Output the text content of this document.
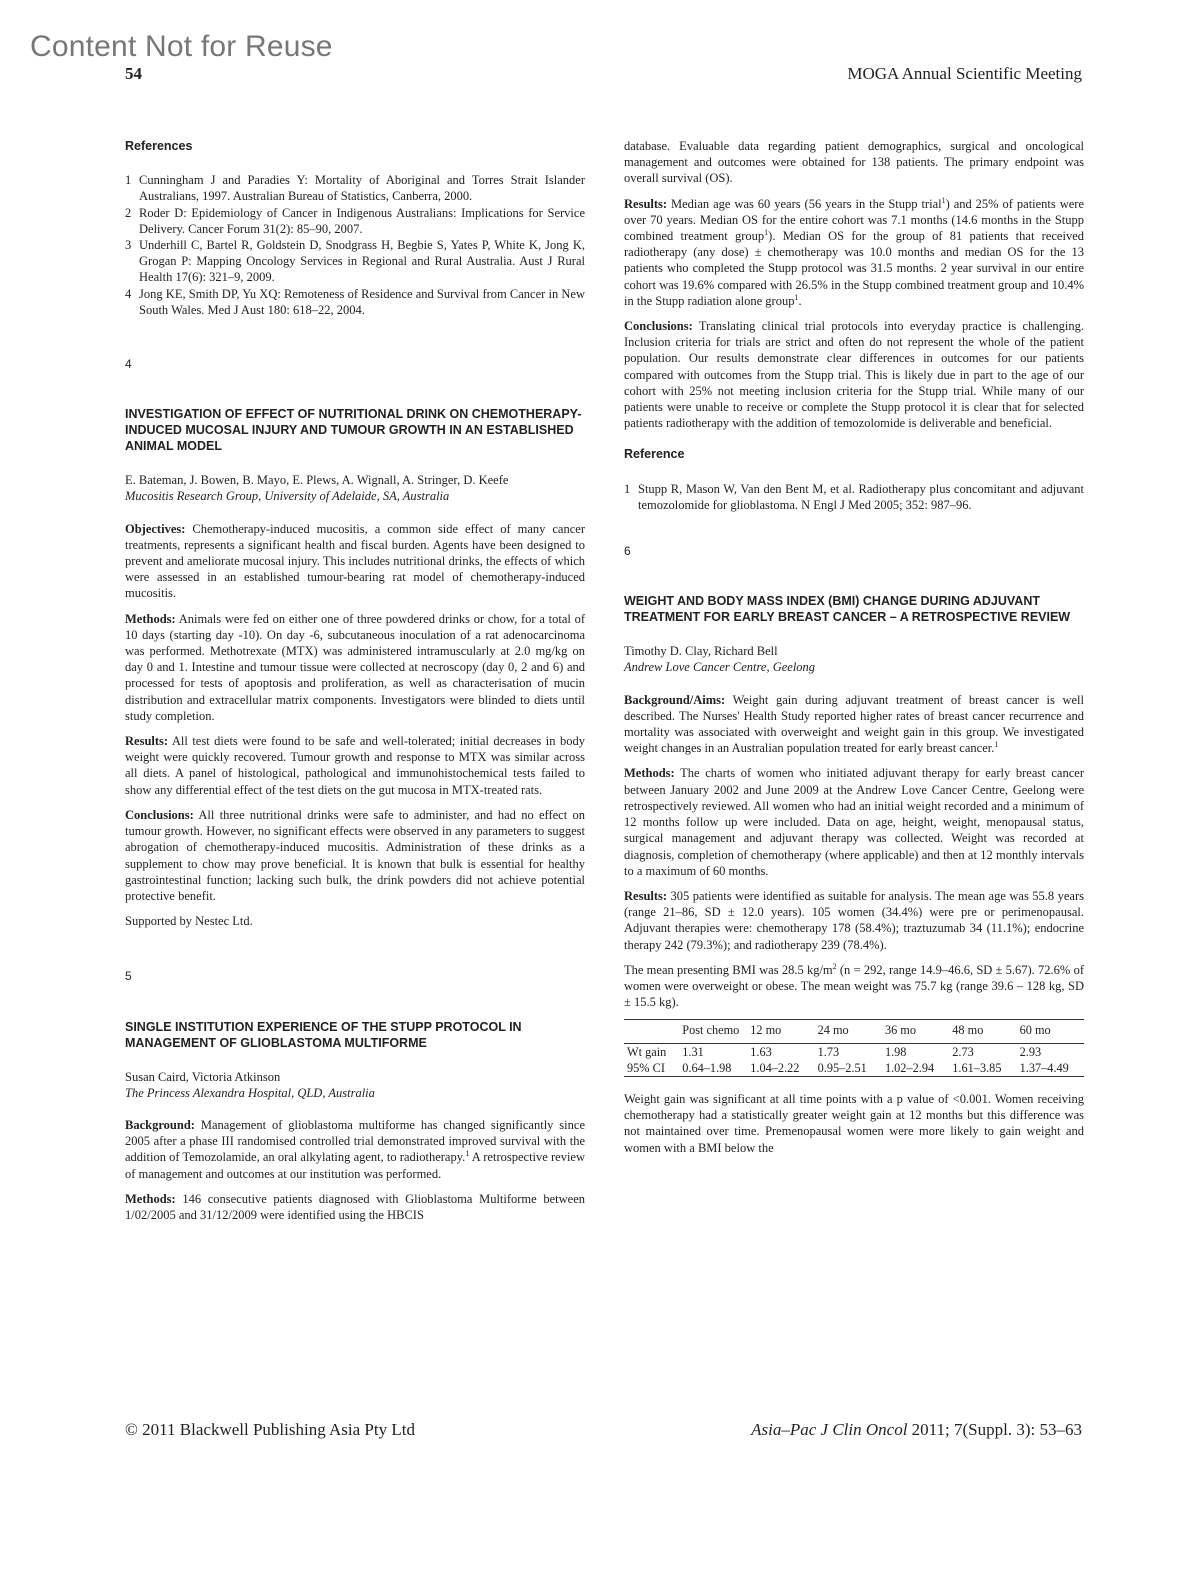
Content Not for Reuse
54	MOGA Annual Scientific Meeting

References

1 Cunningham J and Paradies Y: Mortality of Aboriginal and Torres Strait Islander Australians, 1997. Australian Bureau of Statistics, Canberra, 2000.
2 Roder D: Epidemiology of Cancer in Indigenous Australians: Implications for Service Delivery. Cancer Forum 31(2): 85–90, 2007.
3 Underhill C, Bartel R, Goldstein D, Snodgrass H, Begbie S, Yates P, White K, Jong K, Grogan P: Mapping Oncology Services in Regional and Rural Australia. Aust J Rural Health 17(6): 321–9, 2009.
4 Jong KE, Smith DP, Yu XQ: Remoteness of Residence and Survival from Cancer in New South Wales. Med J Aust 180: 618–22, 2004.

4

INVESTIGATION OF EFFECT OF NUTRITIONAL DRINK ON CHEMOTHERAPY-INDUCED MUCOSAL INJURY AND TUMOUR GROWTH IN AN ESTABLISHED ANIMAL MODEL

E. Bateman, J. Bowen, B. Mayo, E. Plews, A. Wignall, A. Stringer, D. Keefe

Mucositis Research Group, University of Adelaide, SA, Australia

Objectives: Chemotherapy-induced mucositis, a common side effect of many cancer treatments, represents a significant health and fiscal burden. Agents have been designed to prevent and ameliorate mucosal injury. This includes nutritional drinks, the effects of which were assessed in an established tumour-bearing rat model of chemotherapy-induced mucositis.

Methods: Animals were fed on either one of three powdered drinks or chow, for a total of 10 days (starting day -10). On day -6, subcutaneous inoculation of a rat adenocarcinoma was performed. Methotrexate (MTX) was administered intramuscularly at 2.0 mg/kg on day 0 and 1. Intestine and tumour tissue were collected at necroscopy (day 0, 2 and 6) and processed for tests of apoptosis and proliferation, as well as characterisation of mucin distribution and extracellular matrix components. Investigators were blinded to diets until study completion.

Results: All test diets were found to be safe and well-tolerated; initial decreases in body weight were quickly recovered. Tumour growth and response to MTX was similar across all diets. A panel of histological, pathological and immunohistochemical tests failed to show any differential effect of the test diets on the gut mucosa in MTX-treated rats.

Conclusions: All three nutritional drinks were safe to administer, and had no effect on tumour growth. However, no significant effects were observed in any parameters to suggest abrogation of chemotherapy-induced mucositis. Administration of these drinks as a supplement to chow may prove beneficial. It is known that bulk is essential for healthy gastrointestinal function; lacking such bulk, the drink powders did not achieve potential protective benefit.

Supported by Nestec Ltd.

5

SINGLE INSTITUTION EXPERIENCE OF THE STUPP PROTOCOL IN MANAGEMENT OF GLIOBLASTOMA MULTIFORME

Susan Caird, Victoria Atkinson

The Princess Alexandra Hospital, QLD, Australia

Background: Management of glioblastoma multiforme has changed significantly since 2005 after a phase III randomised controlled trial demonstrated improved survival with the addition of Temozolamide, an oral alkylating agent, to radiotherapy.$^1$ A retrospective review of management and outcomes at our institution was performed.

Methods: 146 consecutive patients diagnosed with Glioblastoma Multiforme between 1/02/2005 and 31/12/2009 were identified using the HBCIS

database. Evaluable data regarding patient demographics, surgical and oncological management and outcomes were obtained for 138 patients. The primary endpoint was overall survival (OS).

Results: Median age was 60 years (56 years in the Stupp trial$^1$) and 25% of patients were over 70 years. Median OS for the entire cohort was 7.1 months (14.6 months in the Stupp combined treatment group$^1$). Median OS for the group of 81 patients that received radiotherapy (any dose) ± chemotherapy was 10.0 months and median OS for the 13 patients who completed the Stupp protocol was 31.5 months. 2 year survival in our entire cohort was 19.6% compared with 26.5% in the Stupp combined treatment group and 10.4% in the Stupp radiation alone group$^1$.

Conclusions: Translating clinical trial protocols into everyday practice is challenging. Inclusion criteria for trials are strict and often do not represent the whole of the patient population. Our results demonstrate clear differences in outcomes for our patients compared with outcomes from the Stupp trial. This is likely due in part to the age of our cohort with 25% not meeting inclusion criteria for the Stupp trial. While many of our patients were unable to receive or complete the Stupp protocol it is clear that for selected patients radiotherapy with the addition of temozolomide is deliverable and beneficial.

Reference

1 Stupp R, Mason W, Van den Bent M, et al. Radiotherapy plus concomitant and adjuvant temozolomide for glioblastoma. N Engl J Med 2005; 352: 987–96.

6

WEIGHT AND BODY MASS INDEX (BMI) CHANGE DURING ADJUVANT TREATMENT FOR EARLY BREAST CANCER – A RETROSPECTIVE REVIEW

Timothy D. Clay, Richard Bell

Andrew Love Cancer Centre, Geelong

Background/Aims: Weight gain during adjuvant treatment of breast cancer is well described. The Nurses' Health Study reported higher rates of breast cancer recurrence and mortality was associated with overweight and weight gain in this group. We investigated weight changes in an Australian population treated for early breast cancer.$^1$

Methods: The charts of women who initiated adjuvant therapy for early breast cancer between January 2002 and June 2009 at the Andrew Love Cancer Centre, Geelong were retrospectively reviewed. All women who had an initial weight recorded and a minimum of 12 months follow up were included. Data on age, height, weight, menopausal status, surgical management and adjuvant therapy was collected. Weight was recorded at diagnosis, completion of chemotherapy (where applicable) and then at 12 monthly intervals to a maximum of 60 months.

Results: 305 patients were identified as suitable for analysis. The mean age was 55.8 years (range 21–86, SD ± 12.0 years). 105 women (34.4%) were pre or perimenopausal. Adjuvant therapies were: chemotherapy 178 (58.4%); traztuzumab 34 (11.1%); endocrine therapy 242 (79.3%); and radiotherapy 239 (78.4%).

The mean presenting BMI was 28.5 $kg/m^2$ (n = 292, range 14.9–46.6, SD ± 5.67). 72.6% of women were overweight or obese. The mean weight was 75.7 kg (range 39.6 – 128 kg, SD ± 15.5 kg).

	Post chemo	12 mo	24 mo	36 mo	48 mo	60 mo
Wt gain	1.31	1.63	1.73	1.98	2.73	2.93
95% CI	0.64–1.98	1.04–2.22	0.95–2.51	1.02–2.94	1.61–3.85	1.37–4.49

Weight gain was significant at all time points with a p value of <0.001. Women receiving chemotherapy had a statistically greater weight gain at 12 months but this difference was not maintained over time. Premenopausal women were more likely to gain weight and women with a BMI below the

© 2011 Blackwell Publishing Asia Pty Ltd	Asia–Pac J Clin Oncol 2011; 7(Suppl. 3): 53–63
